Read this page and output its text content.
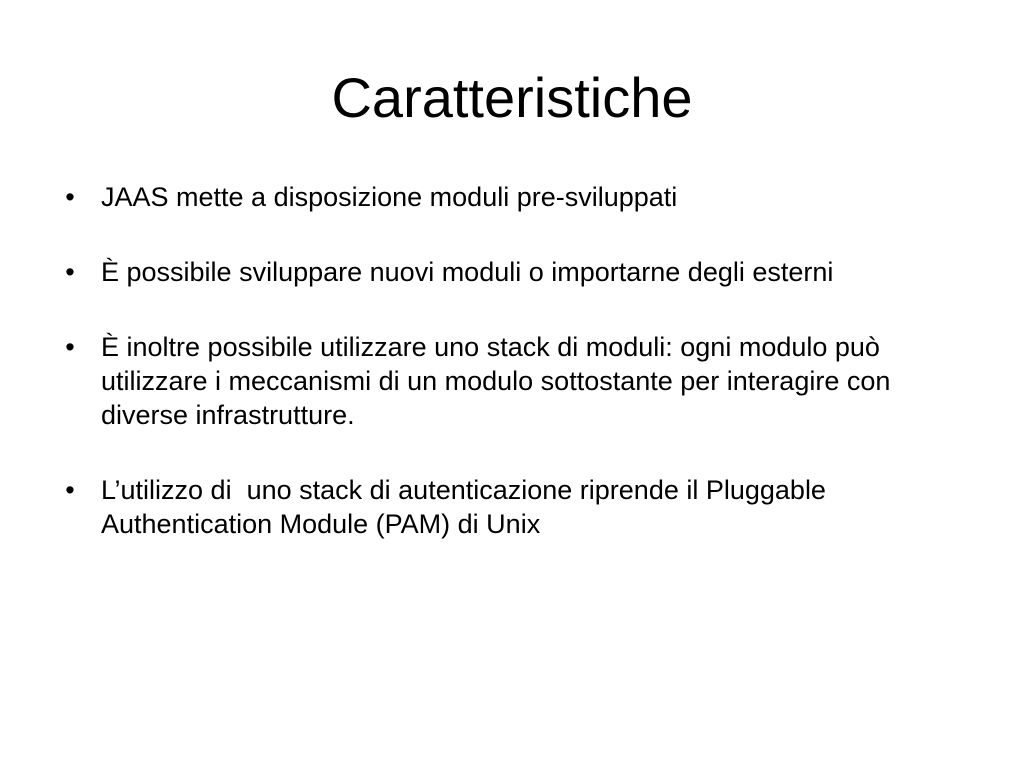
Caratteristiche
• JAAS mette a disposizione moduli pre-sviluppati
• È possibile sviluppare nuovi moduli o importarne degli esterni
• È inoltre possibile utilizzare uno stack di moduli: ogni modulo può utilizzare i meccanismi di un modulo sottostante per interagire con diverse infrastrutture.
• L’utilizzo di  uno stack di autenticazione riprende il Pluggable Authentication Module (PAM) di Unix
